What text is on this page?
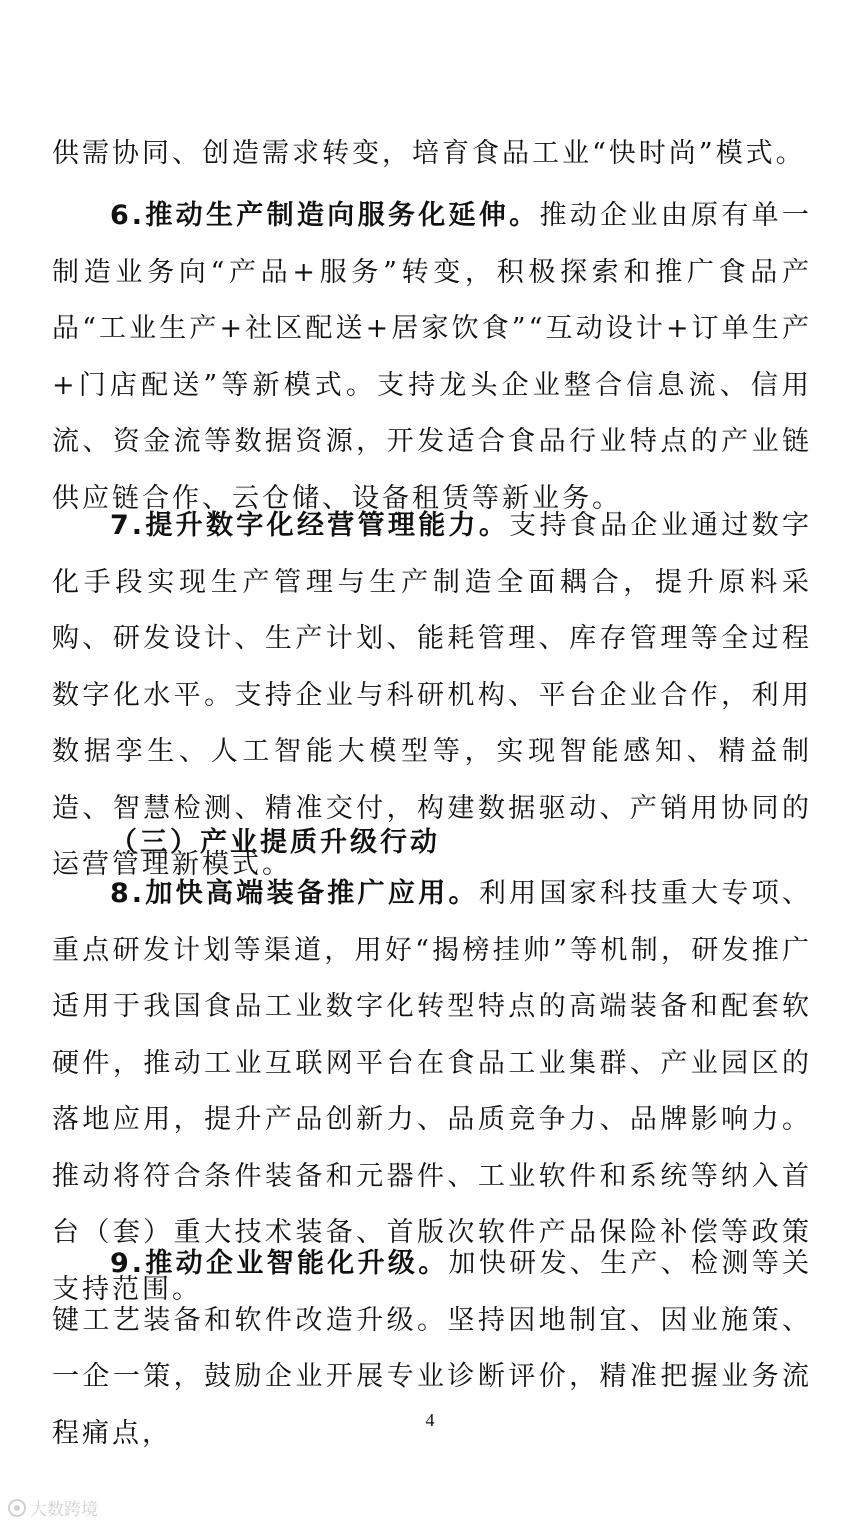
供需协同、创造需求转变，培育食品工业“快时尚”模式。

6.推动生产制造向服务化延伸。推动企业由原有单一制造业务向“产品+服务”转变，积极探索和推广食品产品“工业生产+社区配送+居家饮食”“互动设计+订单生产+门店配送”等新模式。支持龙头企业整合信息流、信用流、资金流等数据资源，开发适合食品行业特点的产业链供应链合作、云仓储、设备租赁等新业务。

7.提升数字化经营管理能力。支持食品企业通过数字化手段实现生产管理与生产制造全面耦合，提升原料采购、研发设计、生产计划、能耗管理、库存管理等全过程数字化水平。支持企业与科研机构、平台企业合作，利用数据孪生、人工智能大模型等，实现智能感知、精益制造、智慧检测、精准交付，构建数据驱动、产销用协同的运营管理新模式。

（三）产业提质升级行动

8.加快高端装备推广应用。利用国家科技重大专项、重点研发计划等渠道，用好“揭榜挂帅”等机制，研发推广适用于我国食品工业数字化转型特点的高端装备和配套软硬件，推动工业互联网平台在食品工业集群、产业园区的落地应用，提升产品创新力、品质竞争力、品牌影响力。推动将符合条件装备和元器件、工业软件和系统等纳入首台（套）重大技术装备、首版次软件产品保险补偿等政策支持范围。

9.推动企业智能化升级。加快研发、生产、检测等关键工艺装备和软件改造升级。坚持因地制宜、因业施策、一企一策，鼓励企业开展专业诊断评价，精准把握业务流程痛点，	4
大数跨境
